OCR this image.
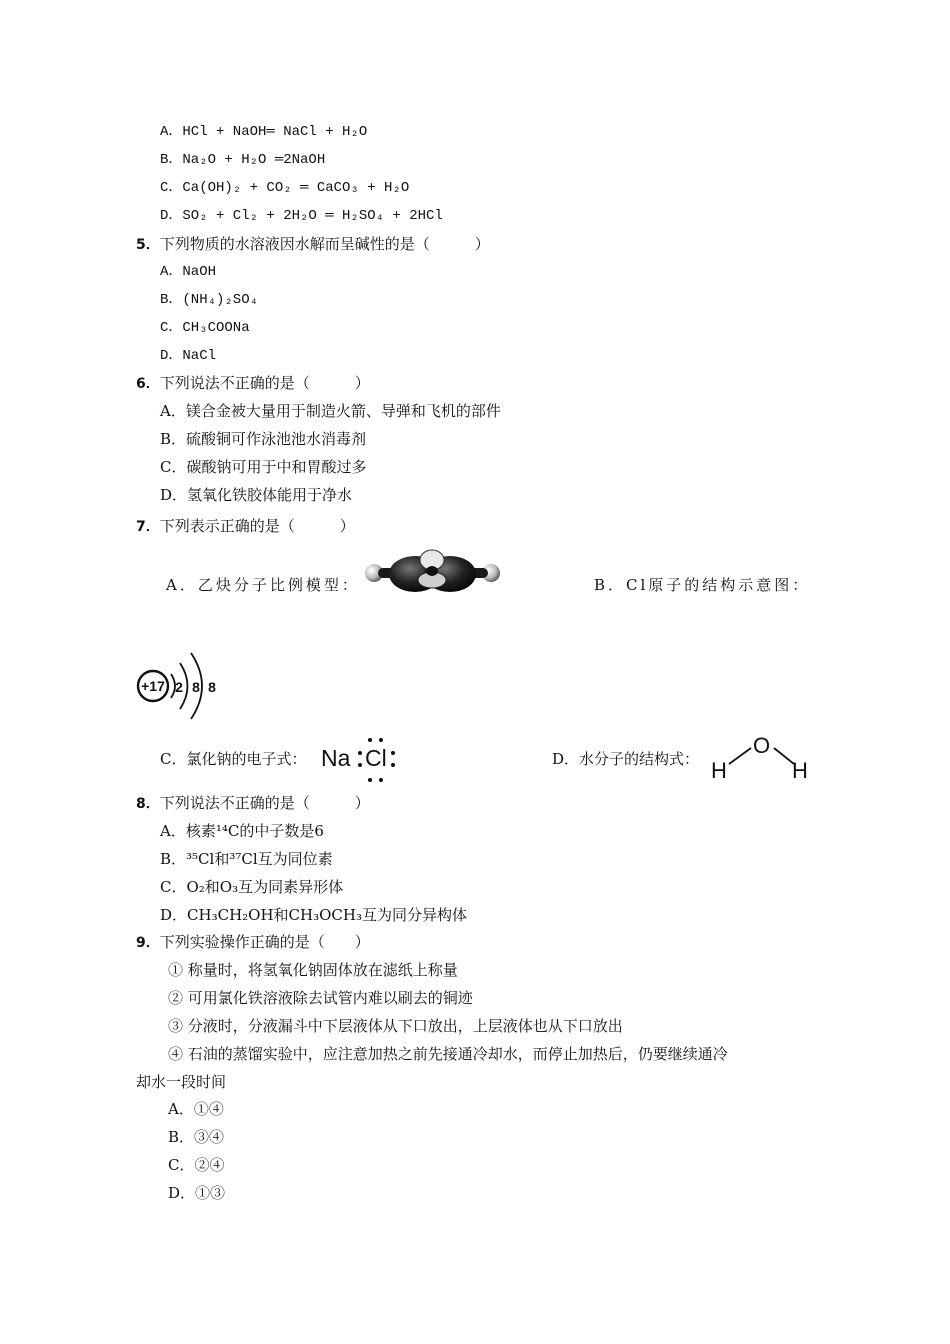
A．HCl + NaOH═ NaCl + H₂O
B．Na₂O + H₂O ═2NaOH
C．Ca(OH)₂ + CO₂ ═ CaCO₃ + H₂O
D．SO₂ + Cl₂ + 2H₂O ═ H₂SO₄ + 2HCl
5．下列物质的水溶液因水解而呈碱性的是（　　　）
A．NaOH
B．(NH₄)₂SO₄
C．CH₃COONa
D．NaCl
6．下列说法不正确的是（　　　）
A．镁合金被大量用于制造火箭、导弹和飞机的部件
B．硫酸铜可作泳池池水消毒剂
C．碳酸钠可用于中和胃酸过多
D．氢氧化铁胶体能用于净水
7．下列表示正确的是（　　　）
A．乙炔分子比例模型：	B．Cl原子的结构示意图：
+17 2 8 8
C．氯化钠的电子式： Na Cl	D．水分子的结构式：
O
H	H
8．下列说法不正确的是（　　　）
A．核素¹⁴C的中子数是6
B．³⁵Cl和³⁷Cl互为同位素
C．O₂和O₃互为同素异形体
D．CH₃CH₂OH和CH₃OCH₃互为同分异构体
9．下列实验操作正确的是（　　）
① 称量时，将氢氧化钠固体放在滤纸上称量
② 可用氯化铁溶液除去试管内难以刷去的铜迹
③ 分液时，分液漏斗中下层液体从下口放出，上层液体也从下口放出
④ 石油的蒸馏实验中，应注意加热之前先接通冷却水，而停止加热后，仍要继续通冷
却水一段时间
A．①④
B．③④
C．②④
D．①③
